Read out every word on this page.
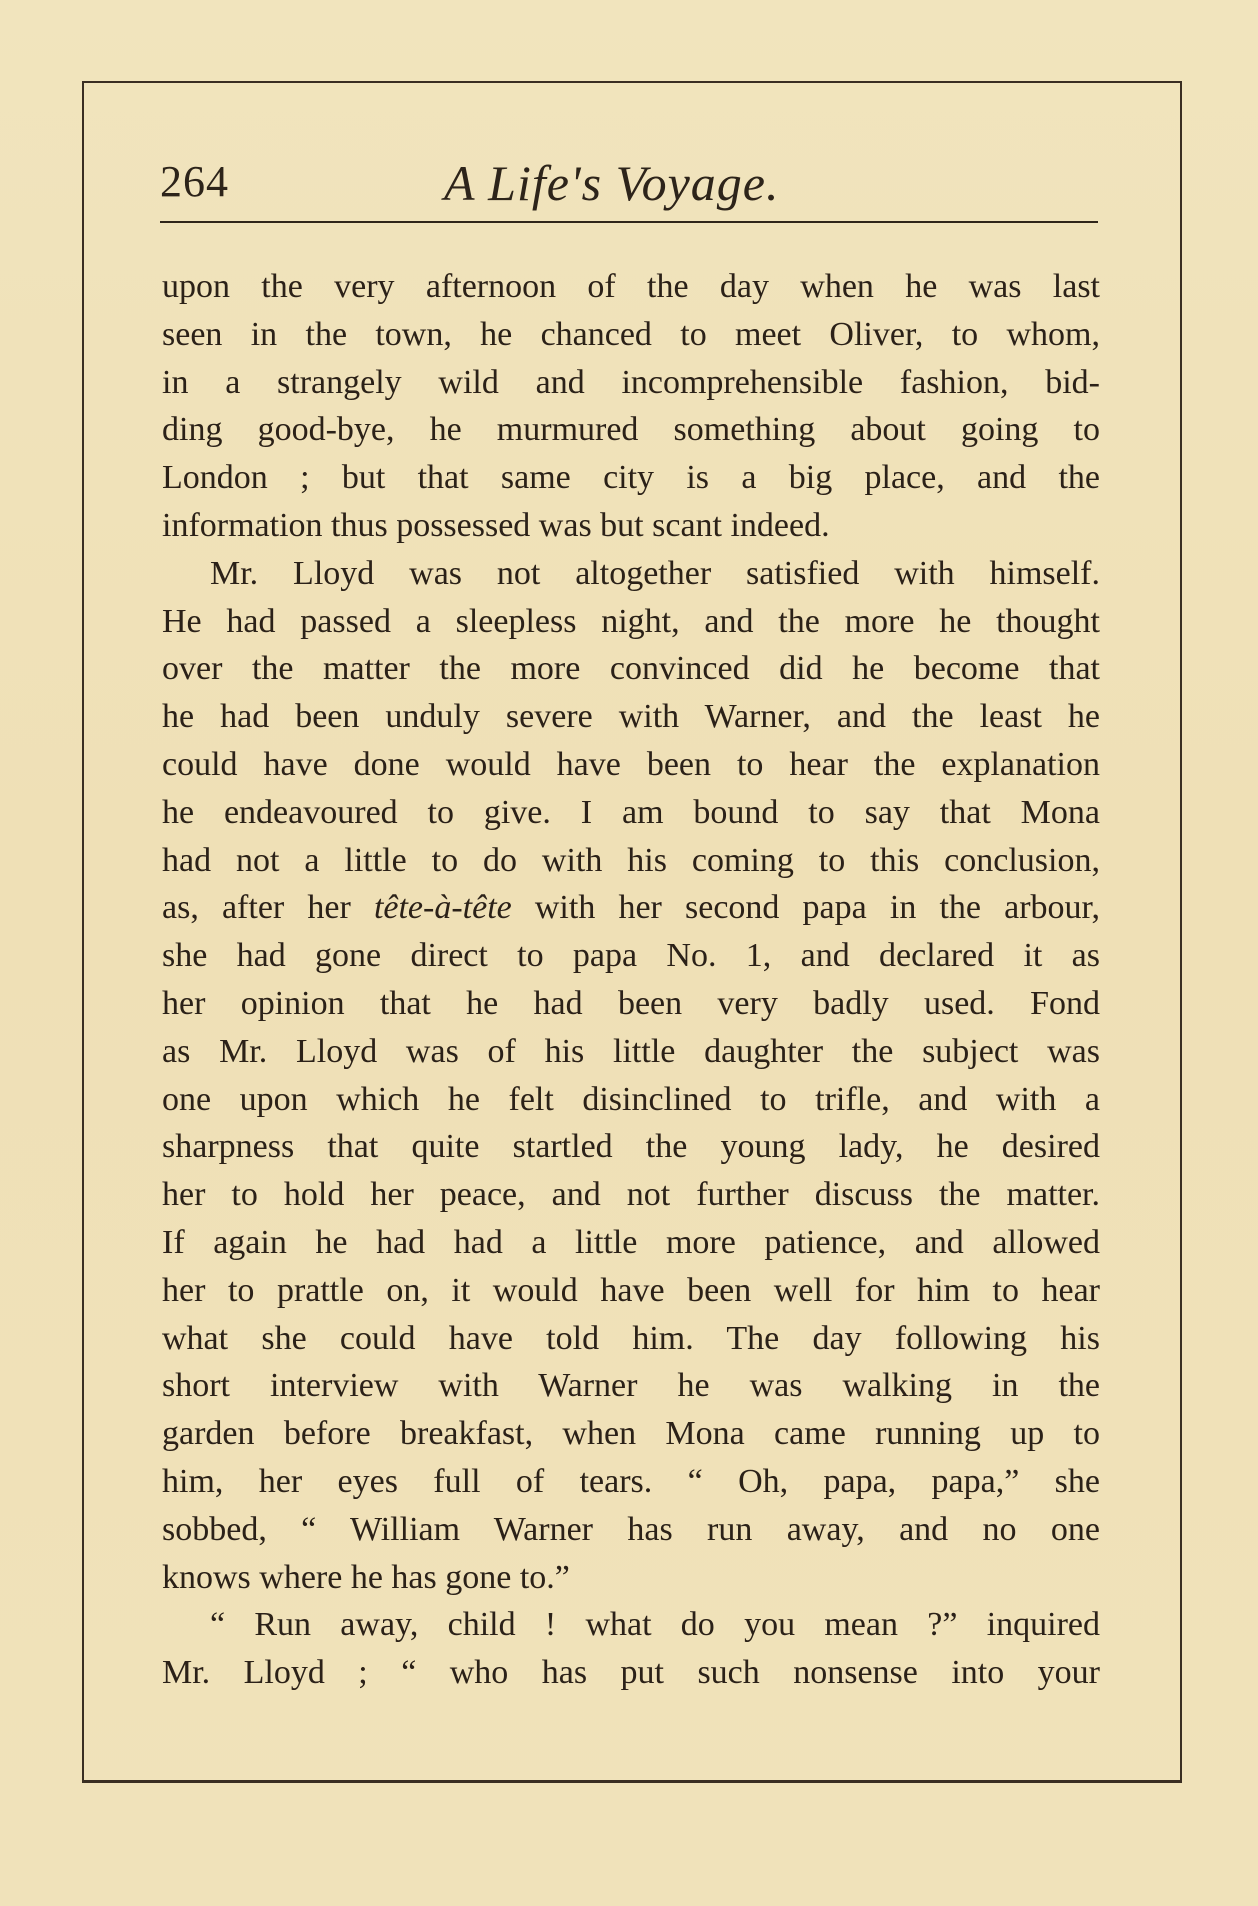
264	A Life's Voyage.
upon the very afternoon of the day when he was last
seen in the town, he chanced to meet Oliver, to whom,
in a strangely wild and incomprehensible fashion, bid-
ding good-bye, he murmured something about going to
London ; but that same city is a big place, and the
information thus possessed was but scant indeed.
Mr. Lloyd was not altogether satisfied with himself.
He had passed a sleepless night, and the more he thought
over the matter the more convinced did he become that
he had been unduly severe with Warner, and the least he
could have done would have been to hear the explanation
he endeavoured to give. I am bound to say that Mona
had not a little to do with his coming to this conclusion,
as, after her tête-à-tête with her second papa in the arbour,
she had gone direct to papa No. 1, and declared it as
her opinion that he had been very badly used. Fond
as Mr. Lloyd was of his little daughter the subject was
one upon which he felt disinclined to trifle, and with a
sharpness that quite startled the young lady, he desired
her to hold her peace, and not further discuss the matter.
If again he had had a little more patience, and allowed
her to prattle on, it would have been well for him to hear
what she could have told him. The day following his
short interview with Warner he was walking in the
garden before breakfast, when Mona came running up to
him, her eyes full of tears. “ Oh, papa, papa,” she
sobbed, “ William Warner has run away, and no one
knows where he has gone to.”
“ Run away, child ! what do you mean ?” inquired
Mr. Lloyd ; “ who has put such nonsense into your
